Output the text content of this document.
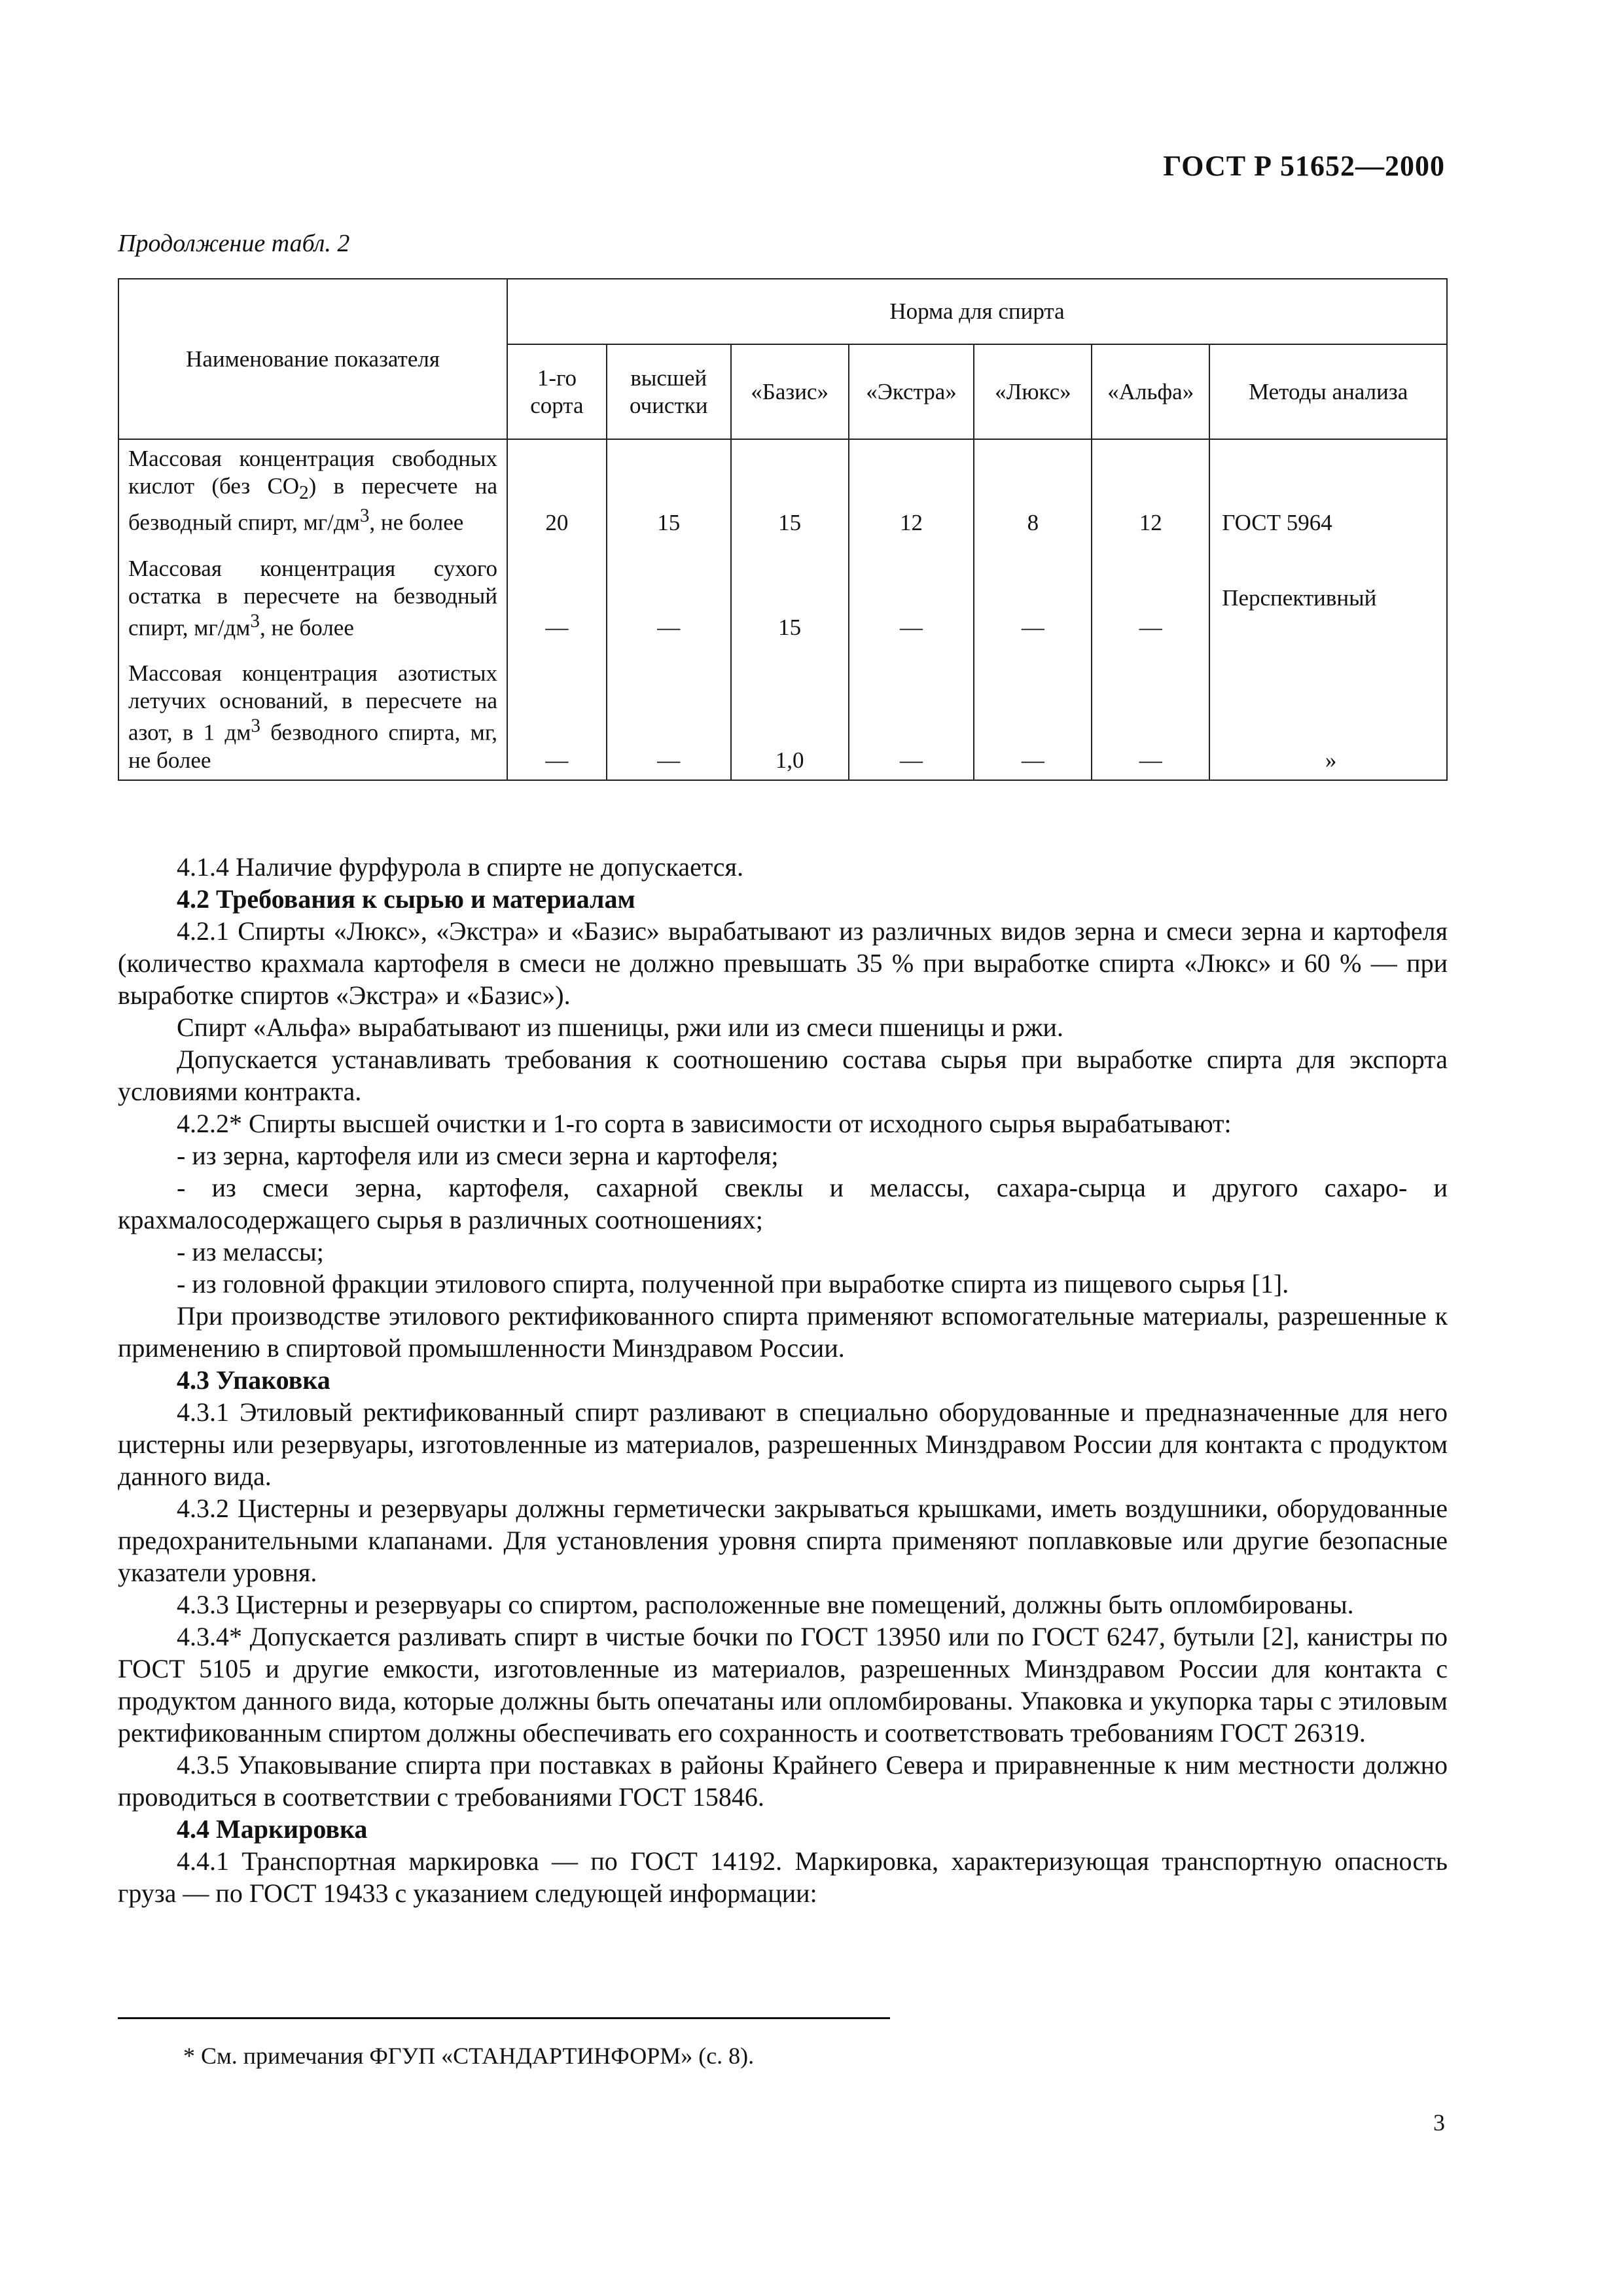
ГОСТ Р 51652—2000
Продолжение табл. 2
Наименование показателя	Норма для спирта						
	1-го сорта	высшей очистки	«Базис»	«Экстра»	«Люкс»	«Альфа»	Методы анализа
Массовая концентрация свободных кислот (без $СО_2$) в пересчете на безводный спирт, $мг/дм^3$, не более	20	15	15	12	8	12	ГОСТ 5964
Массовая концентрация сухого остатка в пересчете на безводный спирт, $мг/дм^3$, не более	—	—	15	—	—	—	Перспективный
Массовая концентрация азотистых летучих оснований, в пересчете на азот, в 1 $дм^3$ безводного спирта, мг, не более	—	—	1,0	—	—	—	»

4.1.4 Наличие фурфурола в спирте не допускается.

4.2 Требования к сырью и материалам

4.2.1 Спирты «Люкс», «Экстра» и «Базис» вырабатывают из различных видов зерна и смеси зерна и картофеля (количество крахмала картофеля в смеси не должно превышать 35 % при выработке спирта «Люкс» и 60 % — при выработке спиртов «Экстра» и «Базис»).

Спирт «Альфа» вырабатывают из пшеницы, ржи или из смеси пшеницы и ржи.

Допускается устанавливать требования к соотношению состава сырья при выработке спирта для экспорта условиями контракта.

4.2.2* Спирты высшей очистки и 1-го сорта в зависимости от исходного сырья вырабатывают:

- из зерна, картофеля или из смеси зерна и картофеля;

- из смеси зерна, картофеля, сахарной свеклы и мелассы, сахара-сырца и другого сахаро- и крахмалосодержащего сырья в различных соотношениях;

- из мелассы;

- из головной фракции этилового спирта, полученной при выработке спирта из пищевого сырья [1].

При производстве этилового ректификованного спирта применяют вспомогательные материалы, разрешенные к применению в спиртовой промышленности Минздравом России.

4.3 Упаковка

4.3.1 Этиловый ректификованный спирт разливают в специально оборудованные и предназначенные для него цистерны или резервуары, изготовленные из материалов, разрешенных Минздравом России для контакта с продуктом данного вида.

4.3.2 Цистерны и резервуары должны герметически закрываться крышками, иметь воздушники, оборудованные предохранительными клапанами. Для установления уровня спирта применяют поплавковые или другие безопасные указатели уровня.

4.3.3 Цистерны и резервуары со спиртом, расположенные вне помещений, должны быть опломбированы.

4.3.4* Допускается разливать спирт в чистые бочки по ГОСТ 13950 или по ГОСТ 6247, бутыли [2], канистры по ГОСТ 5105 и другие емкости, изготовленные из материалов, разрешенных Минздравом России для контакта с продуктом данного вида, которые должны быть опечатаны или опломбированы. Упаковка и укупорка тары с этиловым ректификованным спиртом должны обеспечивать его сохранность и соответствовать требованиям ГОСТ 26319.

4.3.5 Упаковывание спирта при поставках в районы Крайнего Севера и приравненные к ним местности должно проводиться в соответствии с требованиями ГОСТ 15846.

4.4 Маркировка

4.4.1 Транспортная маркировка — по ГОСТ 14192. Маркировка, характеризующая транспортную опасность груза — по ГОСТ 19433 с указанием следующей информации:

* См. примечания ФГУП «СТАНДАРТИНФОРМ» (с. 8).
3
